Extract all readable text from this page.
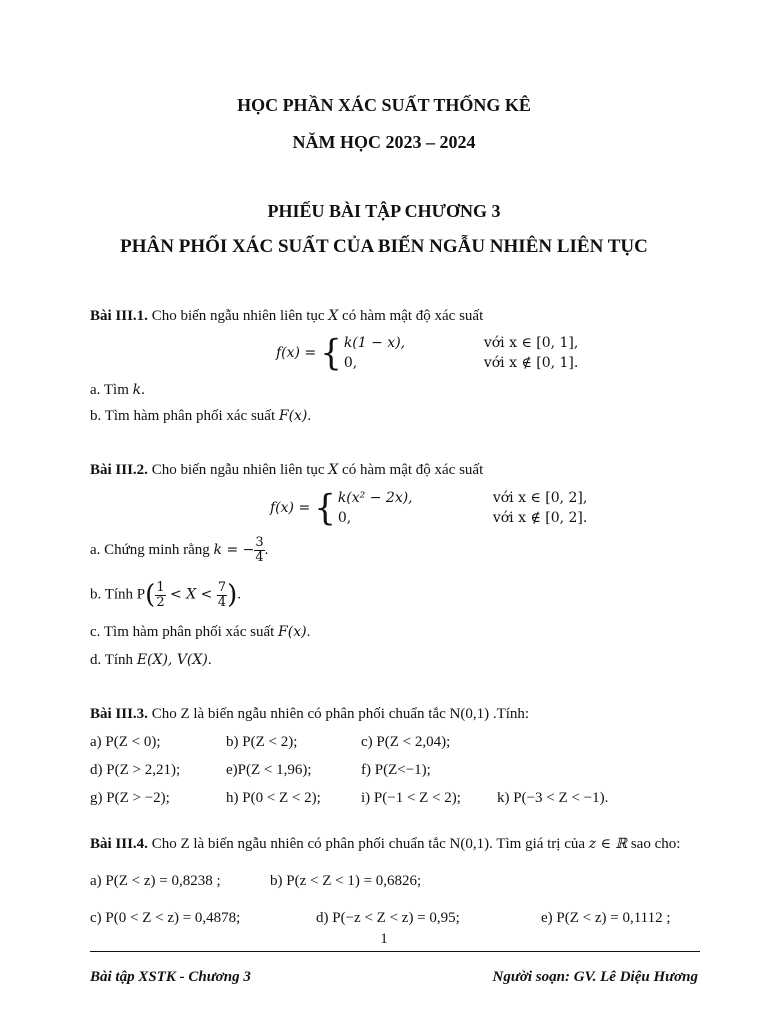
HỌC PHẦN XÁC SUẤT THỐNG KÊ
NĂM HỌC 2023 – 2024
PHIẾU BÀI TẬP CHƯƠNG 3
PHÂN PHỐI XÁC SUẤT CỦA BIẾN NGẪU NHIÊN LIÊN TỤC
Bài III.1. Cho biến ngẫu nhiên liên tục X có hàm mật độ xác suất
f(x) = { k(1 − x),	với x ∈ [0, 1],
0,	với x ∉ [0, 1].
a. Tìm k.
b. Tìm hàm phân phối xác suất F(x).
Bài III.2. Cho biến ngẫu nhiên liên tục X có hàm mật độ xác suất
f(x) = { k(x² − 2x),	với x ∈ [0, 2],
0,	với x ∉ [0, 2].
a. Chứng minh rằng k = − $\frac{3}{4}$ .
b. Tính $P( \frac{1}{2} < X < \frac{7}{4}$ ).
c. Tìm hàm phân phối xác suất F(x).
d. Tính E(X), V(X).
Bài III.3. Cho Z là biến ngẫu nhiên có phân phối chuẩn tắc N(0,1) .Tính:
a) P(Z < 0);	b) P(Z < 2);	c) P(Z < 2,04);
d) P(Z > 2,21);	e)P(Z < 1,96);	f) P(Z<−1);
g) P(Z > −2);	h) P(0 < Z < 2);	i) P(−1 < Z < 2); k) P(−3 < Z < −1).
Bài III.4. Cho Z là biến ngẫu nhiên có phân phối chuẩn tắc N(0,1). Tìm giá trị của z ∈ ℝ sao cho:
a) P(Z < z) = 0,8238 ;	b) P(z < Z < 1) = 0,6826;
c) P(0 < Z < z) = 0,4878;	d) P(−z < Z < z) = 0,95;	e) P(Z < z) = 0,1112 ;
1
Bài tập XSTK - Chương 3	Người soạn: GV. Lê Diệu Hương
